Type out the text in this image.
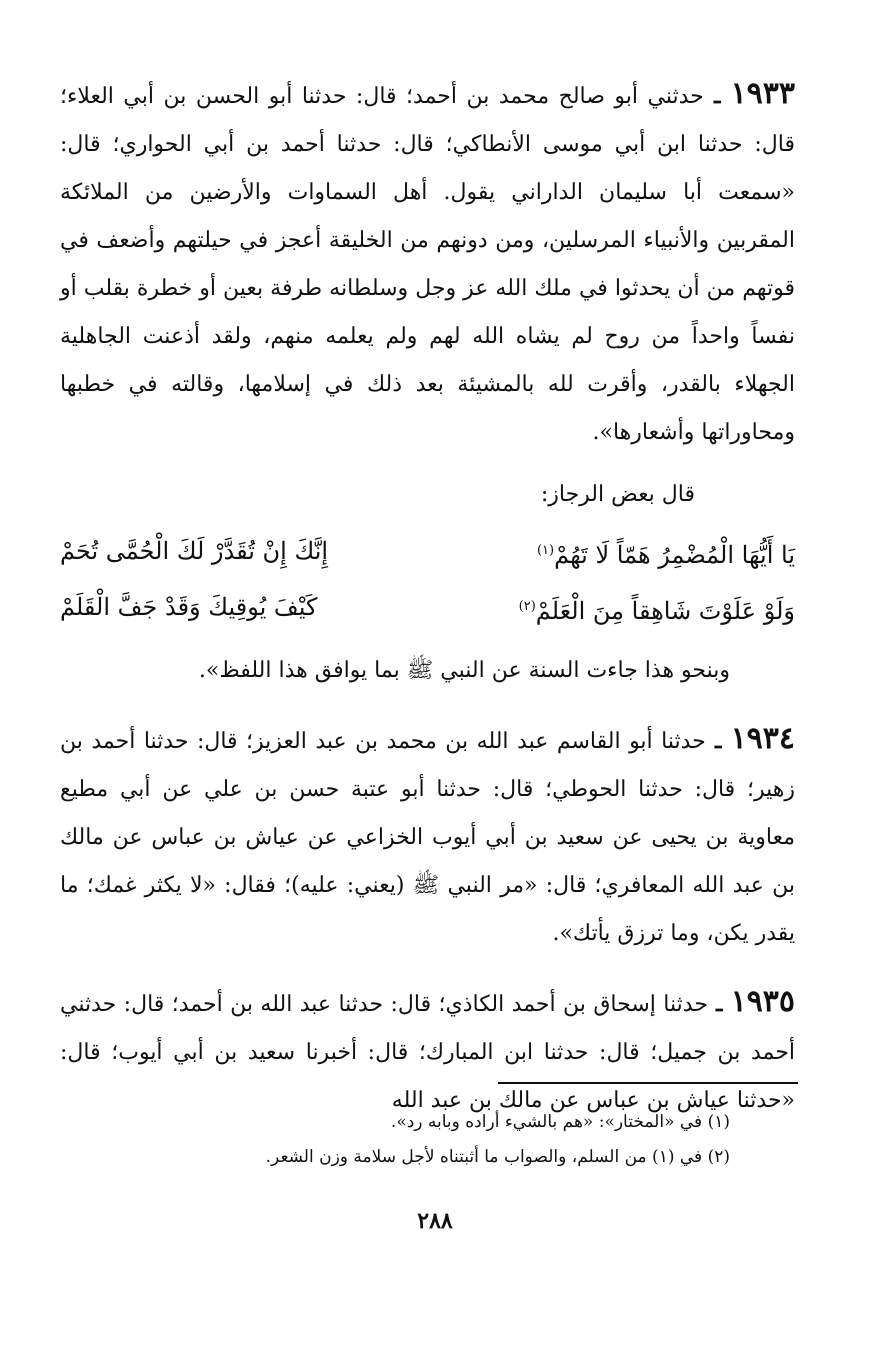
١٩٣٣ ـ حدثني أبو صالح محمد بن أحمد؛ قال: حدثنا أبو الحسن بن أبي العلاء؛ قال: حدثنا ابن أبي موسى الأنطاكي؛ قال: حدثنا أحمد بن أبي الحواري؛ قال: «سمعت أبا سليمان الداراني يقول. أهل السماوات والأرضين من الملائكة المقربين والأنبياء المرسلين، ومن دونهم من الخليقة أعجز في حيلتهم وأضعف في قوتهم من أن يحدثوا في ملك الله عز وجل وسلطانه طرفة بعين أو خطرة بقلب أو نفساً واحداً من روح لم يشاه الله لهم ولم يعلمه منهم، ولقد أذعنت الجاهلية الجهلاء بالقدر، وأقرت لله بالمشيئة بعد ذلك في إسلامها، وقالته في خطبها ومحاوراتها وأشعارها».

قال بعض الرجاز:

يَا أَيُّهَا الْمُضْمِرُ هَمّاً لَا تَهُمْ$^{(١)}$
إِنَّكَ إِنْ تُقَدَّرْ لَكَ الْحُمَّى تُحَمْ
وَلَوْ عَلَوْتَ شَاهِقاً مِنَ الْعَلَمْ$^{(٢)}$
كَيْفَ يُوقِيكَ وَقَدْ جَفَّ الْقَلَمْ

وبنحو هذا جاءت السنة عن النبي ﷺ بما يوافق هذا اللفظ».

١٩٣٤ ـ حدثنا أبو القاسم عبد الله بن محمد بن عبد العزيز؛ قال: حدثنا أحمد بن زهير؛ قال: حدثنا الحوطي؛ قال: حدثنا أبو عتبة حسن بن علي عن أبي مطيع معاوية بن يحيى عن سعيد بن أبي أيوب الخزاعي عن عياش بن عباس عن مالك بن عبد الله المعافري؛ قال: «مر النبي ﷺ (يعني: عليه)؛ فقال: «لا يكثر غمك؛ ما يقدر يكن، وما ترزق يأتك».

١٩٣٥ ـ حدثنا إسحاق بن أحمد الكاذي؛ قال: حدثنا عبد الله بن أحمد؛ قال: حدثني أحمد بن جميل؛ قال: حدثنا ابن المبارك؛ قال: أخبرنا سعيد بن أبي أيوب؛ قال: «حدثنا عياش بن عباس عن مالك بن عبد الله

(١) في «المختار»: «هم بالشيء أراده وبابه رد».

(٢) في (١) من السلم، والصواب ما أثبتناه لأجل سلامة وزن الشعر.

٢٨٨
